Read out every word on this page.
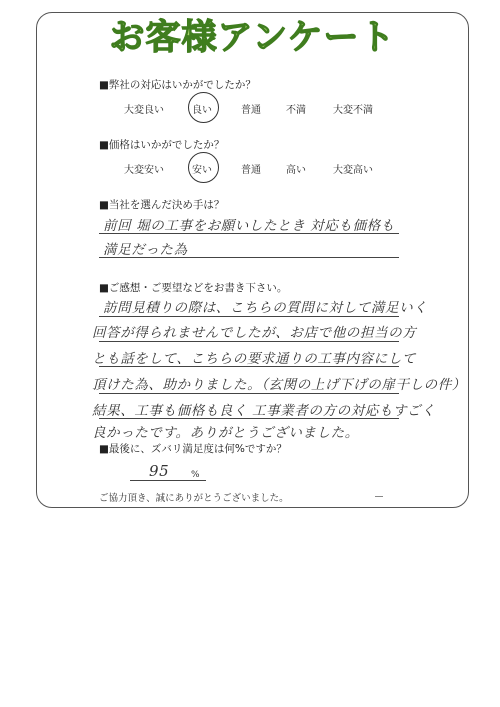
お客様アンケート
■弊社の対応はいかがでしたか？
大変良い	良い	普通	不満	大変不満
■価格はいかがでしたか？
大変安い	安い	普通	高い	大変高い
■当社を選んだ決め手は？
前回 堀の工事をお願いしたとき 対応も価格も
満足だった為
■ご感想・ご要望などをお書き下さい。
訪問見積りの際は、こちらの質問に対して満足いく
回答が得られませんでしたが、お店で他の担当の方
とも話をして、こちらの要求通りの工事内容にして
頂けた為、助かりました。（玄関の上げ下げの扉干しの件）
結果、工事も価格も良く 工事業者の方の対応もすごく
良かったです。ありがとうございました。
■最後に、ズバリ満足度は何%ですか？
95 %
ご協力頂き、誠にありがとうございました。
